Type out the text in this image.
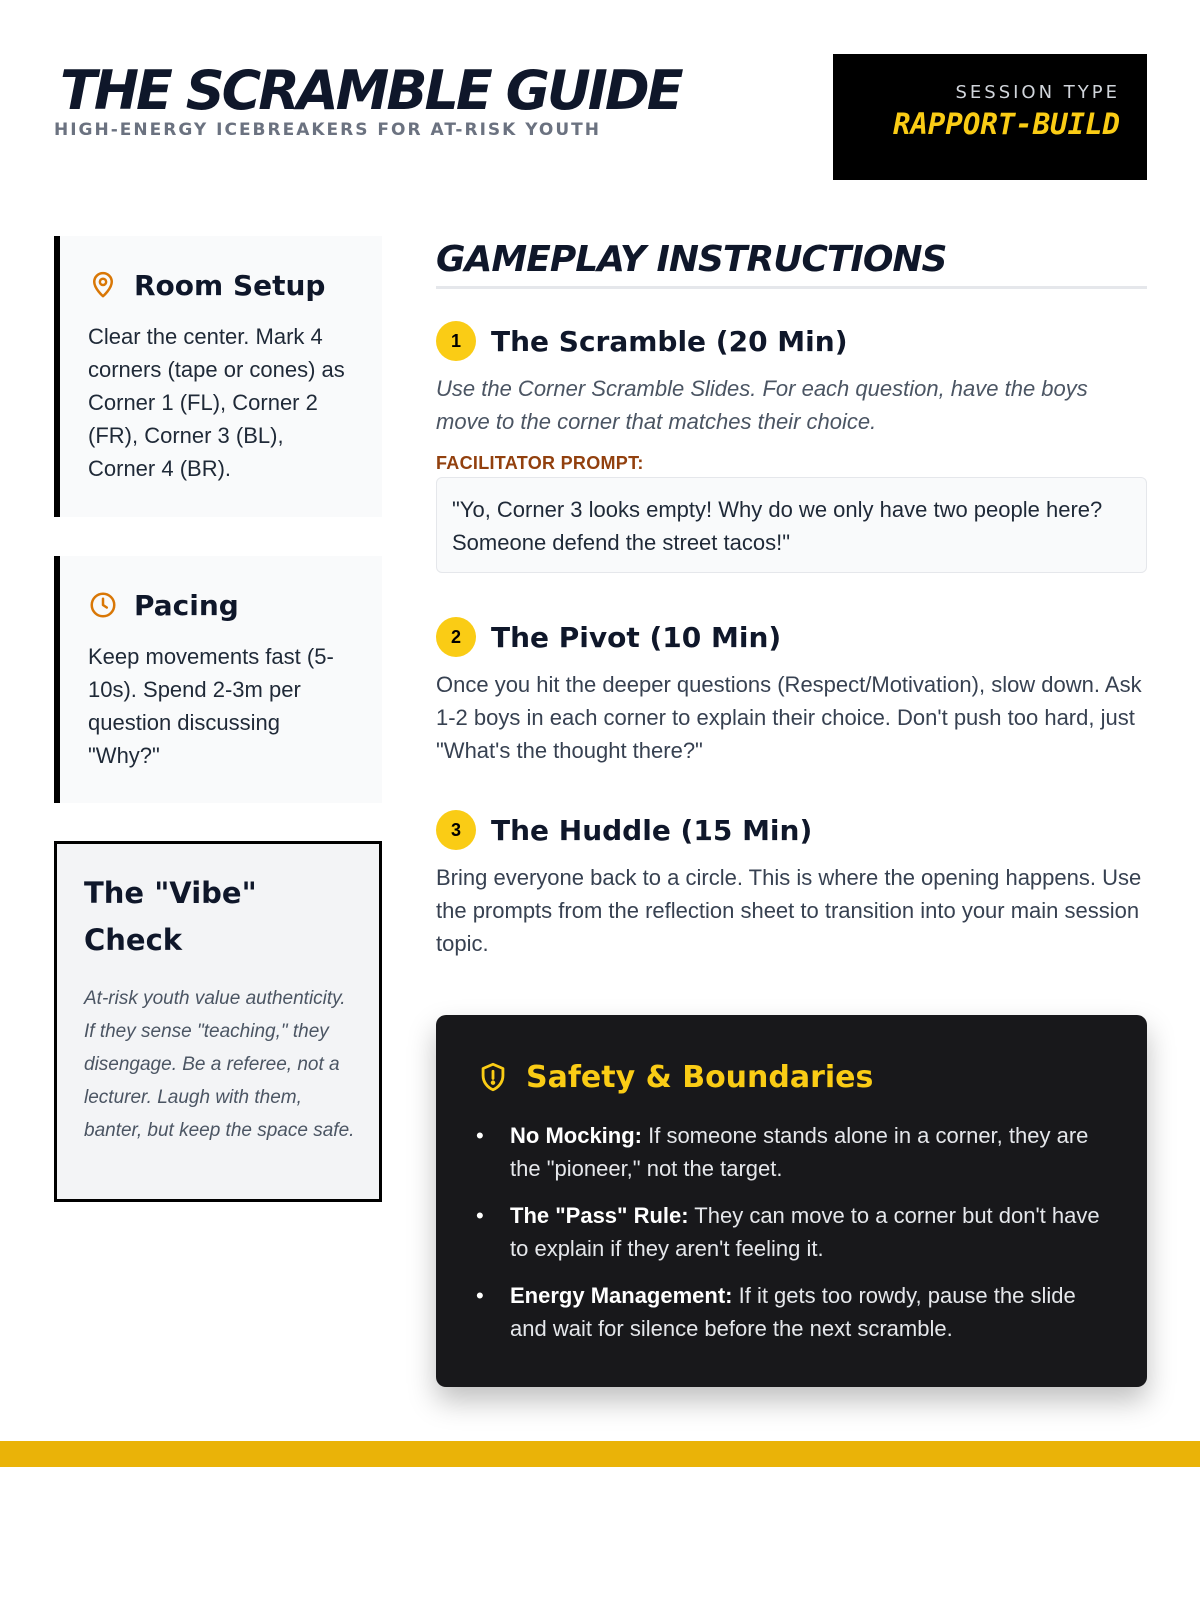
THE SCRAMBLE GUIDE
HIGH-ENERGY ICEBREAKERS FOR AT-RISK YOUTH
SESSION TYPE
RAPPORT-BUILD
Room Setup
Clear the center. Mark 4 corners (tape or cones) as Corner 1 (FL), Corner 2 (FR), Corner 3 (BL), Corner 4 (BR).
Pacing
Keep movements fast (5-10s). Spend 2-3m per question discussing "Why?"
The "Vibe" Check
At-risk youth value authenticity. If they sense "teaching," they disengage. Be a referee, not a lecturer. Laugh with them, banter, but keep the space safe.
GAMEPLAY INSTRUCTIONS
1	The Scramble (20 Min)
Use the Corner Scramble Slides. For each question, have the boys move to the corner that matches their choice.
FACILITATOR PROMPT:
"Yo, Corner 3 looks empty! Why do we only have two people here? Someone defend the street tacos!"
2	The Pivot (10 Min)
Once you hit the deeper questions (Respect/Motivation), slow down. Ask 1-2 boys in each corner to explain their choice. Don't push too hard, just "What's the thought there?"
3	The Huddle (15 Min)
Bring everyone back to a circle. This is where the opening happens. Use the prompts from the reflection sheet to transition into your main session topic.
Safety & Boundaries
• No Mocking: If someone stands alone in a corner, they are the "pioneer," not the target.
• The "Pass" Rule: They can move to a corner but don't have to explain if they aren't feeling it.
• Energy Management: If it gets too rowdy, pause the slide and wait for silence before the next scramble.
